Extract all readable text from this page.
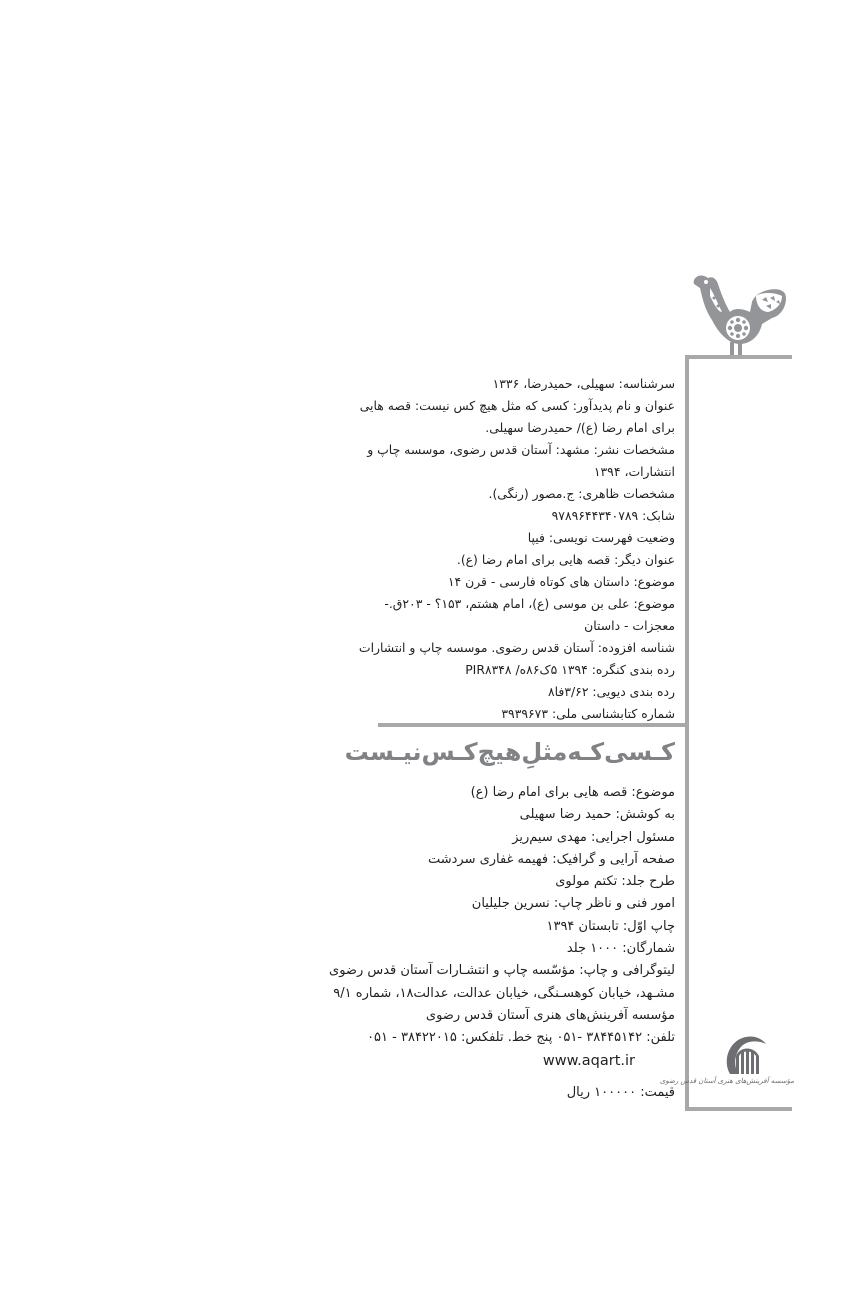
سرشناسه: سهیلی، حمیدرضا، ۱۳۳۶
عنوان و نام پدیدآور: کسی که مثل هیچ کس نیست: قصه هایی
برای امام رضا (ع)/ حمیدرضا سهیلی.
مشخصات نشر: مشهد: آستان قدس رضوی، موسسه چاپ و
انتشارات، ۱۳۹۴
مشخصات ظاهری: ج.مصور (رنگی).
شابک: ۹۷۸۹۶۴۴۳۴۰۷۸۹
وضعیت فهرست نویسی: فیپا
عنوان دیگر: قصه هایی برای امام رضا (ع).
موضوع: داستان های کوتاه فارسی - قرن ۱۴
موضوع: علی بن موسی (ع)، امام هشتم، ۱۵۳؟ - ۲۰۳ق.-
معجزات - داستان
شناسه افزوده: آستان قدس رضوی. موسسه چاپ و انتشارات
رده بندی کنگره: ۱۳۹۴ ۵ک۸۶ه/ PIR۸۳۴۸
رده بندی دیویی: ۳/۶۲فا۸
شماره کتابشناسی ملی: ۳۹۳۹۶۷۳
کـسی‌کـه‌مثلِ‌هیچ‌کـس‌نیـست
موضوع: قصه هایی برای امام رضا (ع)
به کوشش: حمید رضا سهیلی
مسئول اجرایی: مهدی سیم‌ریز
صفحه آرایی و گرافیک: فهیمه غفاری سردشت
طرح جلد: تکتم مولوی
امور فنی و ناظر چاپ: نسرین جلیلیان
چاپ اوّل: تابستان ۱۳۹۴
شمارگان: ۱۰۰۰ جلد
لیتوگرافی و چاپ: مؤسّسه چاپ و انتشـارات آستان قدس رضوی
مشـهد، خیابان کوهسـنگی، خیابان عدالت، عدالت۱۸، شماره ۹/۱
مؤسسه آفرینش‌های هنری آستان قدس رضوی
تلفن: ۳۸۴۴۵۱۴۲ -۰۵۱ پنج خط. تلفکس: ۳۸۴۲۲۰۱۵ - ۰۵۱
www.aqart.ir
قیمت: ۱۰۰۰۰۰ ریال
مؤسسه آفرینش‌های هنری آستان قدس رضوی
